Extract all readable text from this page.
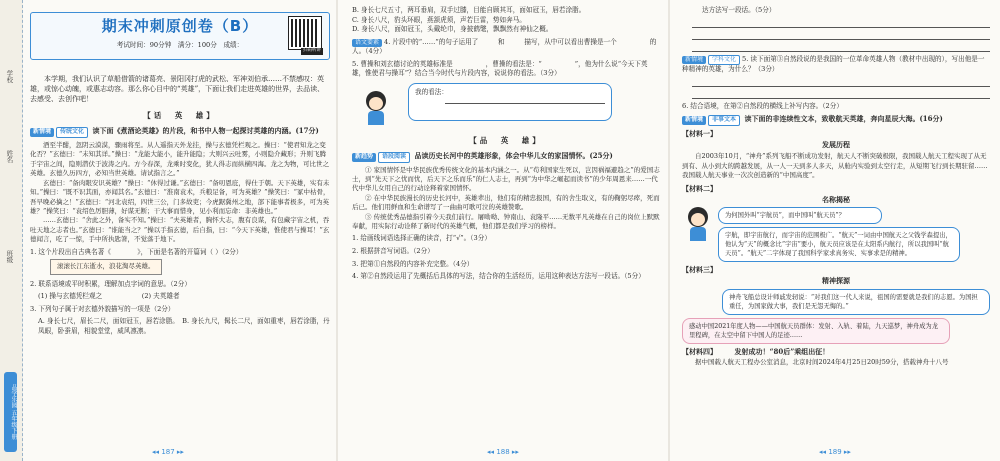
学校
姓名
班级
品学乐园 五年级下册
期末冲刺原创卷（B）
考试时间：90分钟　满分：100分　成绩：
扫码听讲

本学期，我们认识了草船借箭的诸葛亮、景阳冈打虎的武松、军神刘伯承……不禁感叹：英雄，或惊心动魄，或惠志动容。那么你心目中的“英雄”，下面让我们走进英雄的世界，去品读、去感受、去创作吧！

【话　英　雄】
新情境 传统文化 读下面《煮酒论英雄》的片段，和书中人物一起探讨英雄的内涵。(17分)

酒至半酣，忽阴云漠漠，骤雨将至。从人遥指天外龙挂，操与玄德凭栏观之。操曰：“使君知龙之变化否？”玄德曰：“未知其详。”操曰：“龙能大能小，能升能隐；大则兴云吐雾，小则隐介藏形；升则飞腾于宇宙之间，隐则潜伏于波涛之内。方今春深，龙乘时变化，犹人得志而纵横四海。龙之为物，可比世之英雄。玄德久历四方，必知当世英雄。请试指言之。”

玄德曰：“备肉眼安识英雄？”操曰：“休得过谦。”玄德曰：“备叨恩庇，得仕于朝。天下英雄，实有未知。”操曰：“既不识其面，亦闻其名。”玄德曰：“淮南袁术，兵粮足备，可为英雄？”操笑曰：“冢中枯骨，吾早晚必擒之！”玄德曰：“河北袁绍，四世三公，门多故吏；今虎踞冀州之地，部下能事者极多，可为英雄？”操笑曰：“袁绍色厉胆薄，好谋无断；干大事而惜身，见小利而忘命：非英雄也。”

……玄德曰：“舍此之外，备实不知。”操曰：“夫英雄者，胸怀大志，腹有良谋，有包藏宇宙之机，吞吐天地之志者也。”玄德曰：“谁能当之？”操以手指玄德，后自指，曰：“今天下英雄，惟使君与操耳！”玄德闻言，吃了一惊，手中所执匙箸，不觉落于地下。

1. 这个片段出自古典名著《　　　　》，下面是名著的开篇词（ ）（2分）

滚滚长江东逝水，浪花淘尽英雄。

2. 联系语境或平时积累，理解加点字词的意思。（2分）

(1) 操与玄德凭栏观之　　　　　　(2) 夫英雄者

3. 下列句子属于对玄德外貌描写的一项是（2分）

A. 身长七尺，眉长二尺，面如冠玉，唇若涂脂。　B. 身长九尺，髯长二尺，面如重枣，唇若涂脂，丹凤眼，卧蚕眉，相貌堂堂，威风凛凛。

◂◂ 187 ▸▸

B. 身长七尺五寸，两耳垂肩，双手过膝，目能自顾其耳，面如冠玉，唇若涂脂。

C. 身长八尺，豹头环眼，燕颔虎须，声若巨雷，势如奔马。

D. 身长八尺，面如冠玉，头戴纶巾，身披鹤氅，飘飘然有神仙之概。

语文要素 4. 片段中的“……”的句子运用了　　　和　　　描写，从中可以看出曹操是一个　　　　　的人。（4分）

5. 曹操和刘玄德讨论的英雄标准是　　　　　，曹操的看法是：“　　　　　”，他为什么说“今天下英雄，惟使君与操耳”？结合当今时代与片段内容，说说你的看法。（3分）

我的看法：
【品　英　雄】
新趋势 语段阅读 品读历史长河中的英雄形象，体会中华儿女的家国情怀。(25分)

① 家国情怀是中华民族优秀传统文化的基本内涵之一。从“苟利国家生死以，岂因祸福避趋之”的爱国志士，到“先天下之忧而忧，后天下之乐而乐”的仁人志士，再到“为中华之崛起而读书”的少年周恩来……一代代中华儿女用自己的行动诠释着家国情怀。

② 在中华民族漫长的历史长河中，英雄辈出，他们有的精忠报国，有的舍生取义，有的鞠躬尽瘁，死而后已。他们用鲜血和生命谱写了一曲曲可歌可泣的英雄赞歌。

③ 传统优秀品德指引着今天我们前行。屠呦呦、钟南山、袁隆平……无数平凡英雄在自己的岗位上默默奉献，用实际行动诠释了新时代的英雄气概，他们都是我们学习的榜样。

1. 给画线词语选择正确的读音，打“√”。（3分）

2. 根据拼音写词语。（2分）

3. 把第①自然段的内容补充完整。（4分）

4. 第②自然段运用了先概括后具体的写法，结合你的生活经历，运用这种表达方法写一段话。（5分）

◂◂ 188 ▸▸

达方法写一段话。（5分）

新情境 学科文化 5. 读下面第③自然段说的是我国的一位革命英雄人物（教材中出现的），写出他是一种精神的英雄，为什么？（3分）

6. 结合语境，在第②自然段的横线上补写内容。（2分）

新情境 非事文本 读下面的非连续性文本，致敬航天英雄，奔向星辰大海。(16分)
【材料一】
发展历程

自2003年10月，“神舟”系列飞船不断成功发射，航天人不断突破极限，我国载人航天工程实现了从无到有、从小到大的跨越发展，从一人一天到多人多天，从舱内实验到太空行走，从短期飞行到长期驻留……我国载人航天事业一次次创造新的“中国高度”。

【材料二】
名称揭秘
为何国外叫“宇航员”，而中国叫“航天员”？
宇航，即宇宙航行，而宇宙的范围极广。“航天”一词由中国航天之父钱学森提出，他认为“天”的概念比“宇宙”要小，航天员应该是在太阳系内航行，所以我国叫“航天员”。“航天”二字体现了我国科学家求真务实、实事求是的精神。
【材料三】
精神探源
神舟飞船总设计师戚发轫说：“对我们这一代人来说，祖国的需要就是我们的志愿。为国担重任，为国家做大事，我们是无怨无悔的。”
感动中国2021年度人物——中国航天员群体：发射、入轨、着陆，九天巡梦，神舟成为龙里程碑，在太空中留下中国人的足迹……
【材料四】　　　	发射成功！“80后”乘组出征！

据中国载人航天工程办公室消息，北京时间2024年4月25日20时59分，搭载神舟十八号

◂◂ 189 ▸▸
